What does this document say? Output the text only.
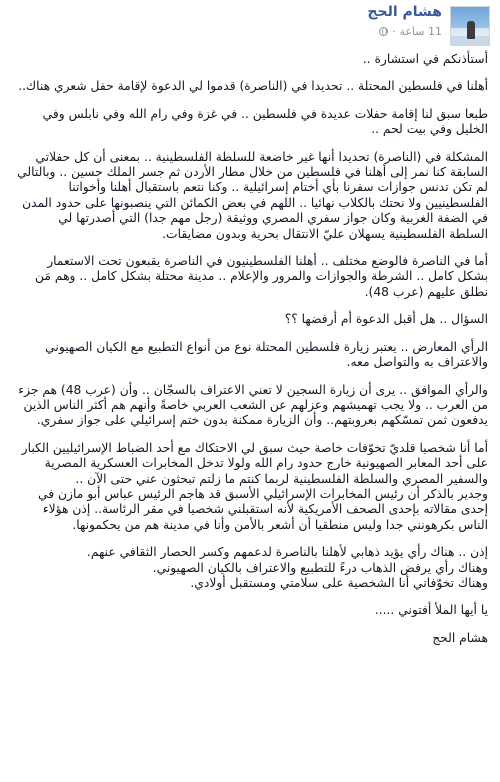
هشام الحج
11 ساعة
·

أستأذنكم في استشارة ..

أهلنا في فلسطين المحتلة .. تحديدا في (الناصرة) قدموا لي الدعوة لإقامة حفل شعري هناك..

طبعا سبق لنا إقامة حفلات عديدة في فلسطين .. في غزة وفي رام الله وفي نابلس وفي الخليل وفي بيت لحم ..

المشكلة في (الناصرة) تحديدا أنها غير خاضعة للسلطة الفلسطينية .. بمعنى أن كل حفلاتي السابقة كنا نمر إلى أهلنا في فلسطين من خلال مطار الأردن ثم جسر الملك حسين .. وبالتالي لم تكن تدنس جوازات سفرنا بأي أختام إسرائيلية .. وكنا نتعم باستقبال أهلنا وأخواتنا الفلسطينيين ولا نحتك بالكلاب نهائيا .. اللهم في بعض الكمائن التي ينصبونها على حدود المدن في الضفة الغربية وكان جواز سفري المصري ووثيقة (رجل مهم جدا) التي أصدرتها لي السلطة الفلسطينية يسهلان عليّ الانتقال بحرية وبدون مضايقات.

أما في الناصرة فالوضع مختلف .. أهلنا الفلسطينيون في الناصرة يقبعون تحت الاستعمار بشكل كامل .. الشرطة والجوازات والمرور والإعلام .. مدينة محتلة بشكل كامل .. وهم مَن نطلق عليهم (عرب 48).

السؤال .. هل أقبل الدعوة أم أرفضها ؟؟

الرأي المعارض .. يعتبر زيارة فلسطين المحتلة نوع من أنواع التطبيع مع الكيان الصهيوني والاعتراف به والتواصل معه.

والرأي الموافق .. يرى أن زيارة السجين لا تعني الاعتراف بالسجّان .. وأن (عرب 48) هم جزء من العرب .. ولا يجب تهميشهم وعزلهم عن الشعب العربي خاصةً وأنهم هم أكثر الناس الذين يدفعون ثمن تمسّكهم بعروبتهم.. وأن الزيارة ممكنة بدون ختم إسرائيلي على جواز سفري.

أما أنا شخصيا قلديّ تخوّفات خاصة حيث سبق لي الاحتكاك مع أحد الضباط الإسرائيليين الكبار على أحد المعابر الصهيونية خارج حدود رام الله ولولا تدخل المخابرات العسكرية المصرية والسفير المصري والسلطة الفلسطينية لربما كنتم ما زلتم تبحثون عني حتى الآن ..
وجدير بالذكر أن رئيس المخابرات الإسرائيلي الأسبق قد هاجم الرئيس عباس أبو مازن في إحدى مقالاته بإحدى الصحف الأمريكية لأنه استقبلني شخصيا في مقر الرئاسة.. إذن هؤلاء الناس بكرهونني جدا وليس منطقيا أن أشعر بالأمن وأنا في مدينة هم من يحكمونها.

إذن .. هناك رأي يؤيد ذهابي لأهلنا بالناصرة لدعمهم وكسر الحصار الثقافي عنهم.
وهناك رأي يرفض الذهاب درءً للتطبيع والاعتراف بالكيان الصهيوني.
وهناك تخوّفاتي أنا الشخصية على سلامتي ومستقبل أولادي.

يا أيها الملأ أفتوني .....

هشام الحج
